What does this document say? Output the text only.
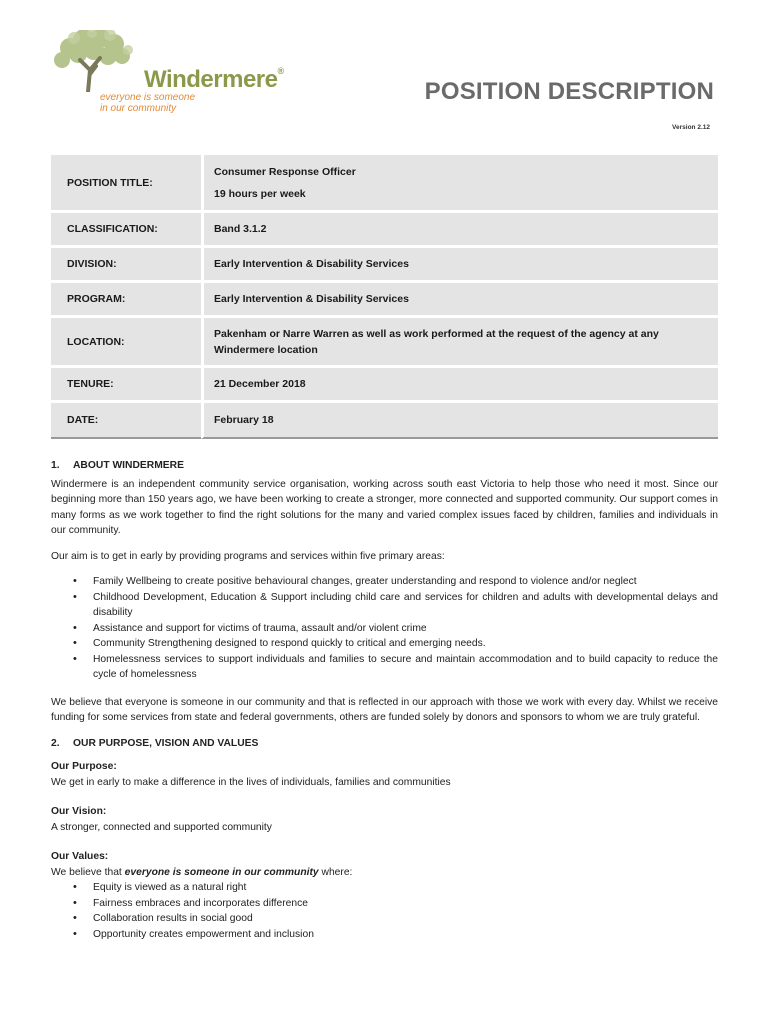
Windermere®
everyone is someone
in our community
POSITION DESCRIPTION
Version 2.12
POSITION TITLE:	Consumer Response Officer
19 hours per week

CLASSIFICATION:	Band 3.1.2
DIVISION:	Early Intervention & Disability Services
PROGRAM:	Early Intervention & Disability Services
LOCATION:	Pakenham or Narre Warren as well as work performed at the request of the agency at any Windermere location
TENURE:	21 December 2018
DATE:	February 18
1. ABOUT WINDERMERE

Windermere is an independent community service organisation, working across south east Victoria to help those who need it most. Since our beginning more than 150 years ago, we have been working to create a stronger, more connected and supported community. Our support comes in many forms as we work together to find the right solutions for the many and varied complex issues faced by children, families and individuals in our community.

Our aim is to get in early by providing programs and services within five primary areas:

• Family Wellbeing to create positive behavioural changes, greater understanding and respond to violence and/or neglect
• Childhood Development, Education & Support including child care and services for children and adults with developmental delays and disability
• Assistance and support for victims of trauma, assault and/or violent crime
• Community Strengthening designed to respond quickly to critical and emerging needs.
• Homelessness services to support individuals and families to secure and maintain accommodation and to build capacity to reduce the cycle of homelessness

We believe that everyone is someone in our community and that is reflected in our approach with those we work with every day. Whilst we receive funding for some services from state and federal governments, others are funded solely by donors and sponsors to whom we are truly grateful.

2. OUR PURPOSE, VISION AND VALUES
Our Purpose:
We get in early to make a difference in the lives of individuals, families and communities
Our Vision:
A stronger, connected and supported community
Our Values:
We believe that everyone is someone in our community where:
• Equity is viewed as a natural right
• Fairness embraces and incorporates difference
• Collaboration results in social good
• Opportunity creates empowerment and inclusion
